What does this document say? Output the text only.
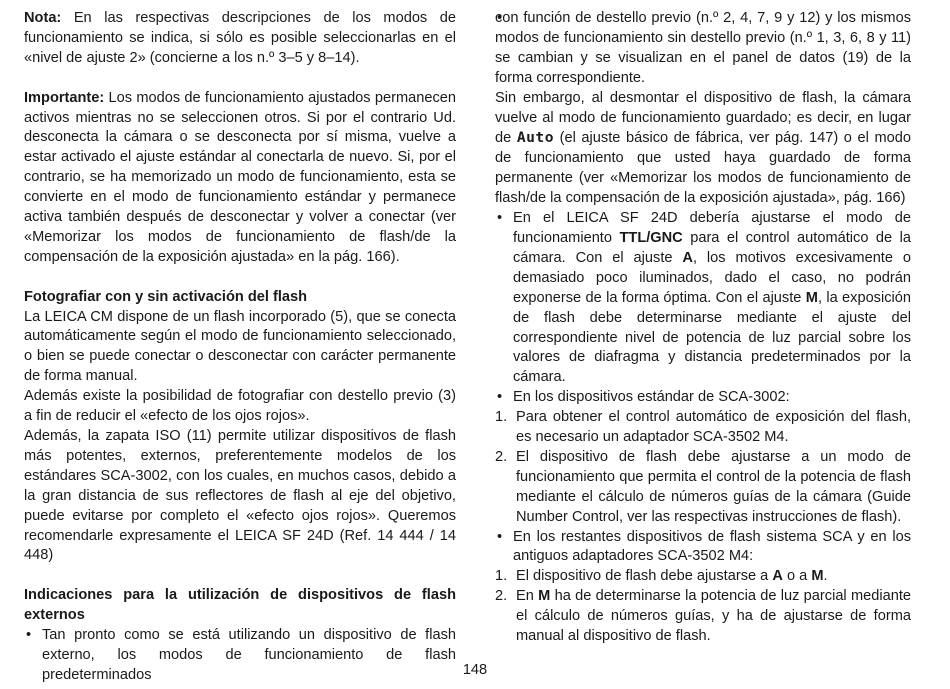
Nota: En las respectivas descripciones de los modos de funcionamiento se indica, si sólo es posible seleccionarlas en el «nivel de ajuste 2» (concierne a los n.º 3–5 y 8–14).

Importante: Los modos de funcionamiento ajustados permanecen activos mientras no se seleccionen otros. Si por el contrario Ud. desconecta la cámara o se desconecta por sí misma, vuelve a estar activado el ajuste estándar al conectarla de nuevo. Si, por el contrario, se ha memorizado un modo de funcionamiento, esta se convierte en el modo de funcionamiento estándar y permanece activa también después de desconectar y volver a conectar (ver «Memorizar los modos de funcionamiento de flash/de la compensación de la exposición ajustada» en la pág. 166).

Fotografiar con y sin activación del flash

La LEICA CM dispone de un flash incorporado (5), que se conecta automáticamente según el modo de funcionamiento seleccionado, o bien se puede conectar o desconectar con carácter permanente de forma manual.

Además existe la posibilidad de fotografiar con destello previo (3) a fin de reducir el «efecto de los ojos rojos».

Además, la zapata ISO (11) permite utilizar dispositivos de flash más potentes, externos, preferentemente modelos de los estándares SCA-3002, con los cuales, en muchos casos, debido a la gran distancia de sus reflectores de flash al eje del objetivo, puede evitarse por completo el «efecto ojos rojos». Queremos recomendarle expresamente el LEICA SF 24D (Ref. 14 444 / 14 448)

Indicaciones para la utilización de dispositivos de flash externos

• Tan pronto como se está utilizando un dispositivo de flash externo, los modos de funcionamiento de flash predeterminados

• con función de destello previo (n.º 2, 4, 7, 9 y 12) y los mismos modos de funcionamiento sin destello previo (n.º 1, 3, 6, 8 y 11) se cambian y se visualizan en el panel de datos (19) de la forma correspondiente.

Sin embargo, al desmontar el dispositivo de flash, la cámara vuelve al modo de funcionamiento guardado; es decir, en lugar de Auto (el ajuste básico de fábrica, ver pág. 147) o el modo de funcionamiento que usted haya guardado de forma permanente (ver «Memorizar los modos de funcionamiento de flash/de la compensación de la exposición ajustada», pág. 166)

• En el LEICA SF 24D debería ajustarse el modo de funcionamiento TTL/GNC para el control automático de la cámara. Con el ajuste A, los motivos excesivamente o demasiado poco iluminados, dado el caso, no podrán exponerse de la forma óptima. Con el ajuste M, la exposición de flash debe determinarse mediante el ajuste del correspondiente nivel de potencia de luz parcial sobre los valores de diafragma y distancia predeterminados por la cámara.

• En los dispositivos estándar de SCA-3002:

1. Para obtener el control automático de exposición del flash, es necesario un adaptador SCA-3502 M4.

2. El dispositivo de flash debe ajustarse a un modo de funcionamiento que permita el control de la potencia de flash mediante el cálculo de números guías de la cámara (Guide Number Control, ver las respectivas instrucciones de flash).

• En los restantes dispositivos de flash sistema SCA y en los antiguos adaptadores SCA-3502 M4:

1. El dispositivo de flash debe ajustarse a A o a M.

2. En M ha de determinarse la potencia de luz parcial mediante el cálculo de números guías, y ha de ajustarse de forma manual al dispositivo de flash.

148
